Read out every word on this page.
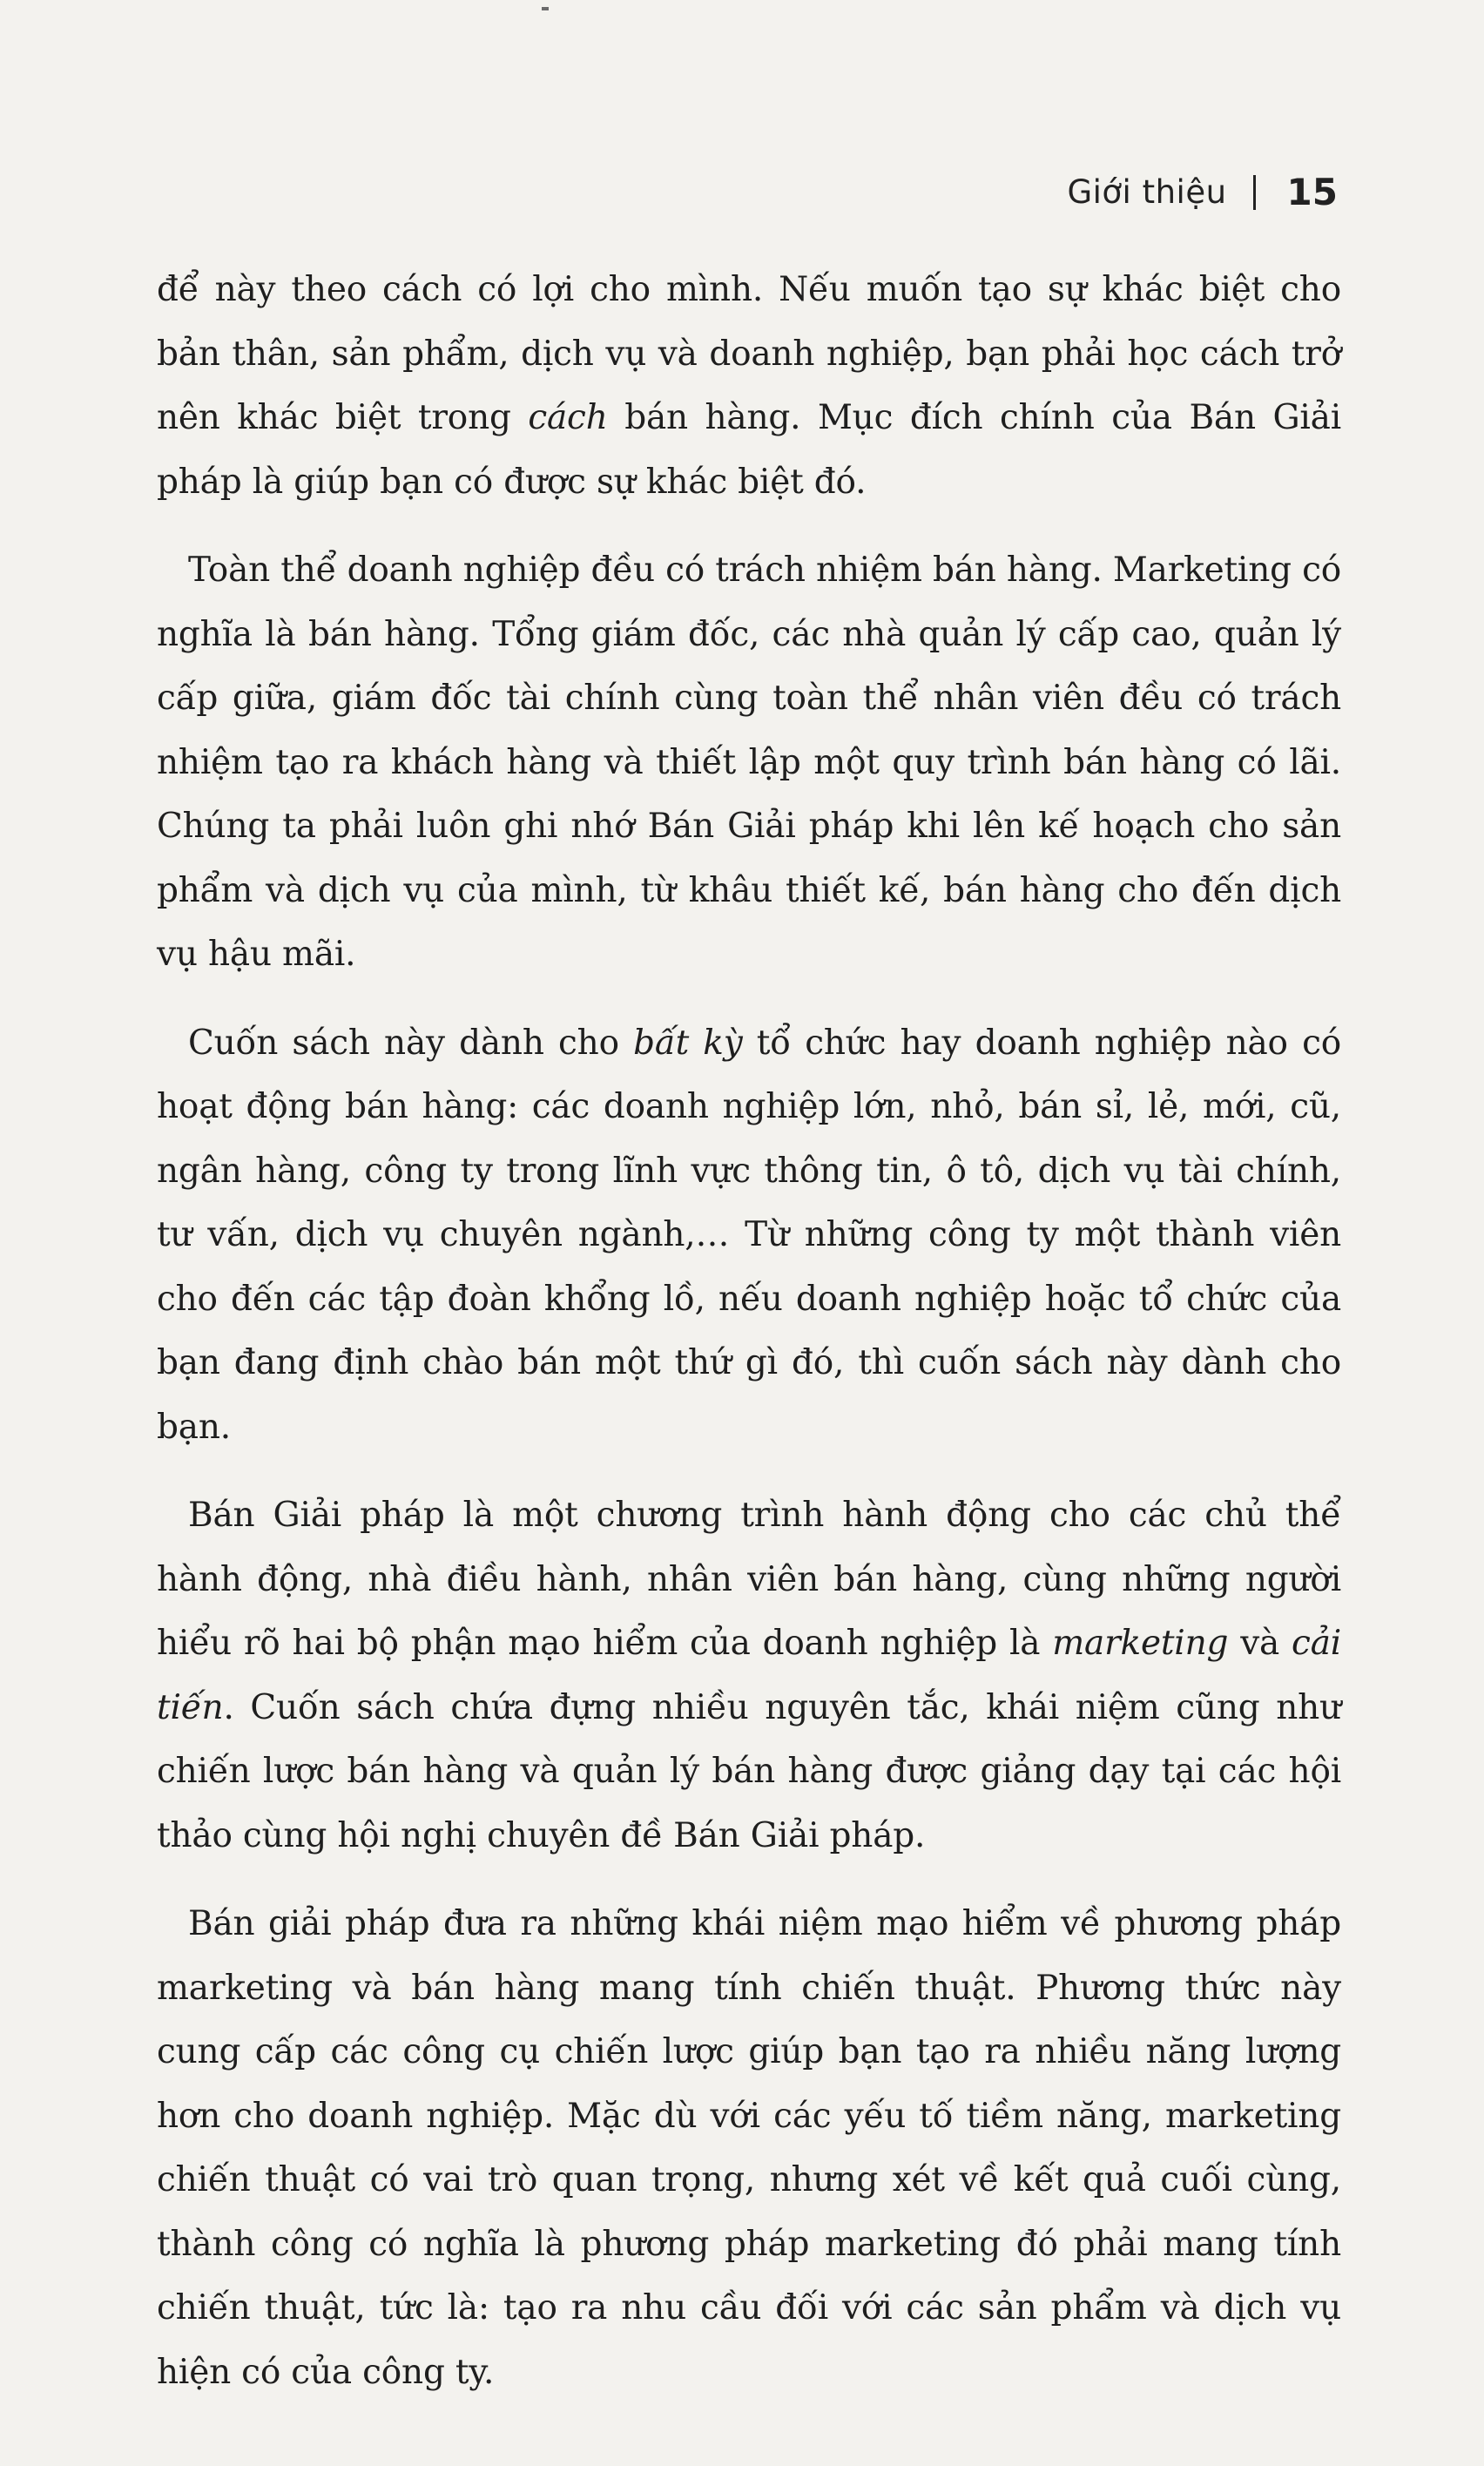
Giới thiệu 15

để này theo cách có lợi cho mình. Nếu muốn tạo sự khác biệt cho bản thân, sản phẩm, dịch vụ và doanh nghiệp, bạn phải học cách trở nên khác biệt trong cách bán hàng. Mục đích chính của Bán Giải pháp là giúp bạn có được sự khác biệt đó.

Toàn thể doanh nghiệp đều có trách nhiệm bán hàng. Marketing có nghĩa là bán hàng. Tổng giám đốc, các nhà quản lý cấp cao, quản lý cấp giữa, giám đốc tài chính cùng toàn thể nhân viên đều có trách nhiệm tạo ra khách hàng và thiết lập một quy trình bán hàng có lãi. Chúng ta phải luôn ghi nhớ Bán Giải pháp khi lên kế hoạch cho sản phẩm và dịch vụ của mình, từ khâu thiết kế, bán hàng cho đến dịch vụ hậu mãi.

Cuốn sách này dành cho bất kỳ tổ chức hay doanh nghiệp nào có hoạt động bán hàng: các doanh nghiệp lớn, nhỏ, bán sỉ, lẻ, mới, cũ, ngân hàng, công ty trong lĩnh vực thông tin, ô tô, dịch vụ tài chính, tư vấn, dịch vụ chuyên ngành,… Từ những công ty một thành viên cho đến các tập đoàn khổng lồ, nếu doanh nghiệp hoặc tổ chức của bạn đang định chào bán một thứ gì đó, thì cuốn sách này dành cho bạn.

Bán Giải pháp là một chương trình hành động cho các chủ thể hành động, nhà điều hành, nhân viên bán hàng, cùng những người hiểu rõ hai bộ phận mạo hiểm của doanh nghiệp là marketing và cải tiến. Cuốn sách chứa đựng nhiều nguyên tắc, khái niệm cũng như chiến lược bán hàng và quản lý bán hàng được giảng dạy tại các hội thảo cùng hội nghị chuyên đề Bán Giải pháp.

Bán giải pháp đưa ra những khái niệm mạo hiểm về phương pháp marketing và bán hàng mang tính chiến thuật. Phương thức này cung cấp các công cụ chiến lược giúp bạn tạo ra nhiều năng lượng hơn cho doanh nghiệp. Mặc dù với các yếu tố tiềm năng, marketing chiến thuật có vai trò quan trọng, nhưng xét về kết quả cuối cùng, thành công có nghĩa là phương pháp marketing đó phải mang tính chiến thuật, tức là: tạo ra nhu cầu đối với các sản phẩm và dịch vụ hiện có của công ty.
